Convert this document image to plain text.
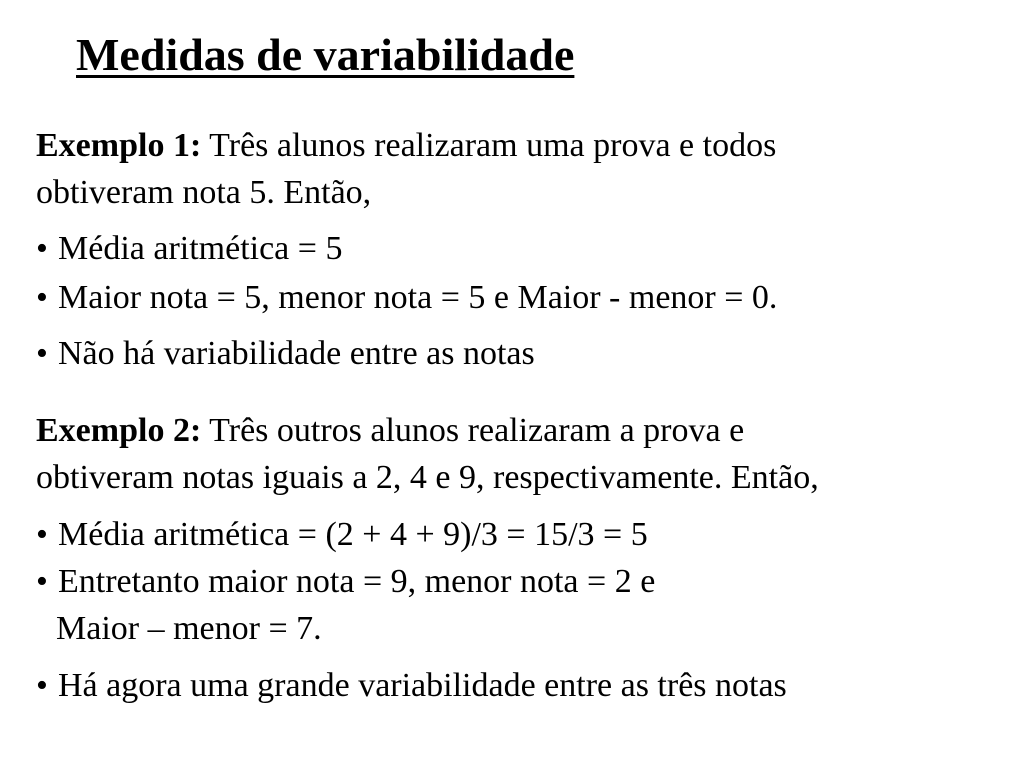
Medidas de variabilidade
Exemplo 1: Três alunos realizaram uma prova e todos
obtiveram nota 5. Então,
• Média aritmética = 5
• Maior nota = 5, menor nota = 5 e Maior - menor = 0.
• Não há variabilidade entre as notas
Exemplo 2: Três outros alunos realizaram a prova e
obtiveram notas iguais a 2, 4 e 9, respectivamente. Então,
• Média aritmética = (2 + 4 + 9)/3 = 15/3 = 5
• Entretanto maior nota = 9, menor nota = 2 e
Maior – menor = 7.
• Há agora uma grande variabilidade entre as três notas
